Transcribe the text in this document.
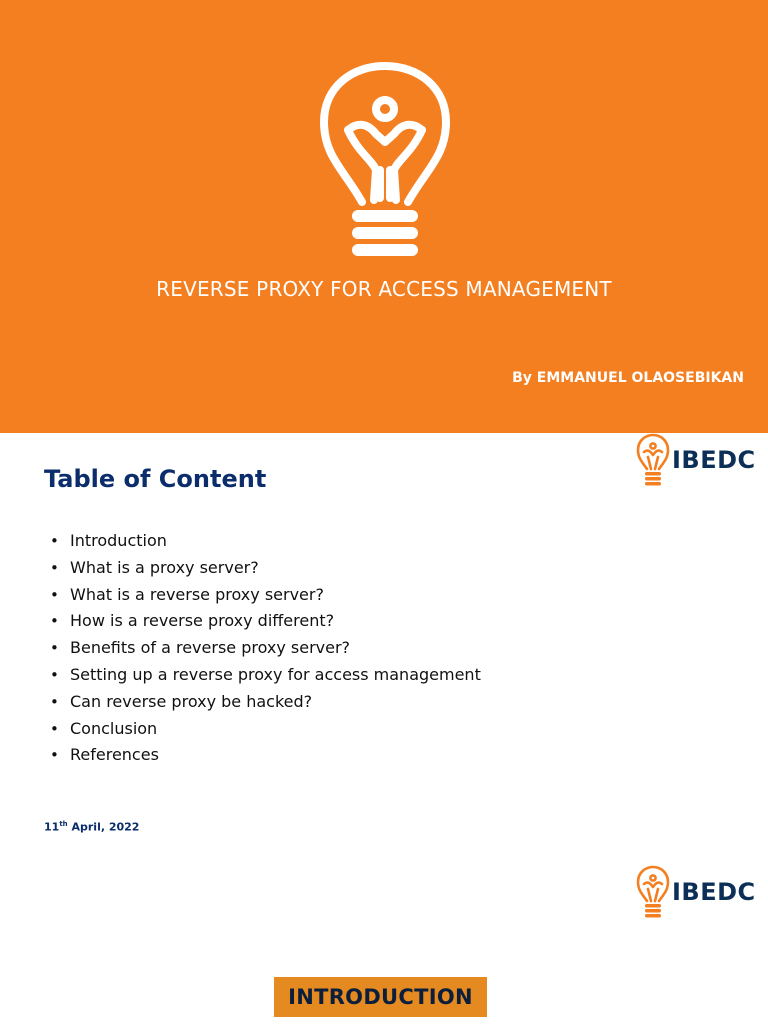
REVERSE PROXY FOR ACCESS MANAGEMENT
By EMMANUEL OLAOSEBIKAN
IBEDC
Table of Content
• Introduction
• What is a proxy server?
• What is a reverse proxy server?
• How is a reverse proxy different?
• Benefits of a reverse proxy server?
• Setting up a reverse proxy for access management
• Can reverse proxy be hacked?
• Conclusion
• References
11th April, 2022
IBEDC
INTRODUCTION
